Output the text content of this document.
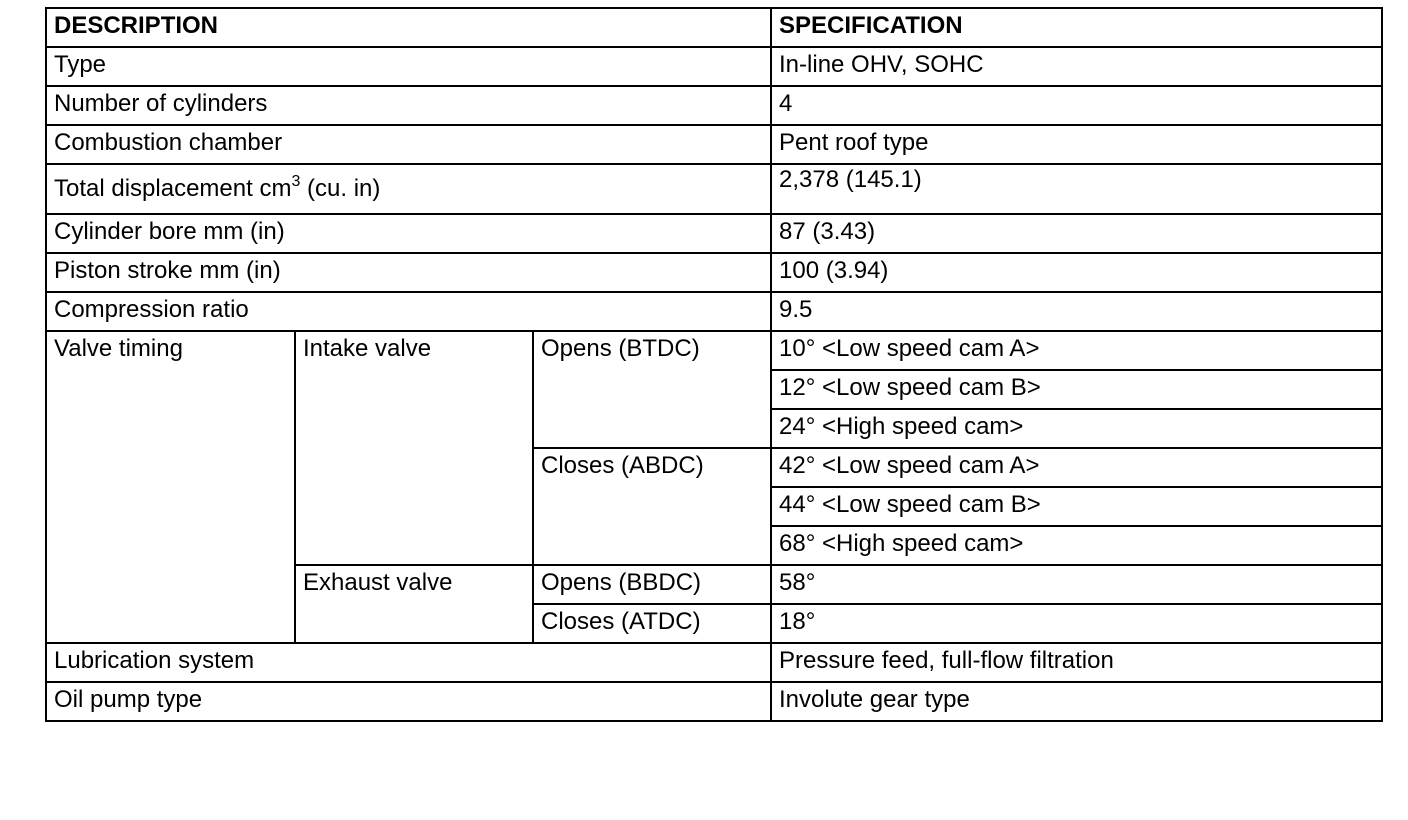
DESCRIPTION			SPECIFICATION
Type			In-line OHV, SOHC
Number of cylinders			4
Combustion chamber			Pent roof type
Total displacement $cm^3$ (cu. in)			2,378 (145.1)
Cylinder bore mm (in)			87 (3.43)
Piston stroke mm (in)			100 (3.94)
Compression ratio			9.5
Valve timing	Intake valve	Opens (BTDC)	10° <Low speed cam A>
			12° <Low speed cam B>
			24° <High speed cam>
		Closes (ABDC)	42° <Low speed cam A>
			44° <Low speed cam B>
			68° <High speed cam>
	Exhaust valve	Opens (BBDC)	58°
		Closes (ATDC)	18°
Lubrication system			Pressure feed, full-flow filtration
Oil pump type			Involute gear type
